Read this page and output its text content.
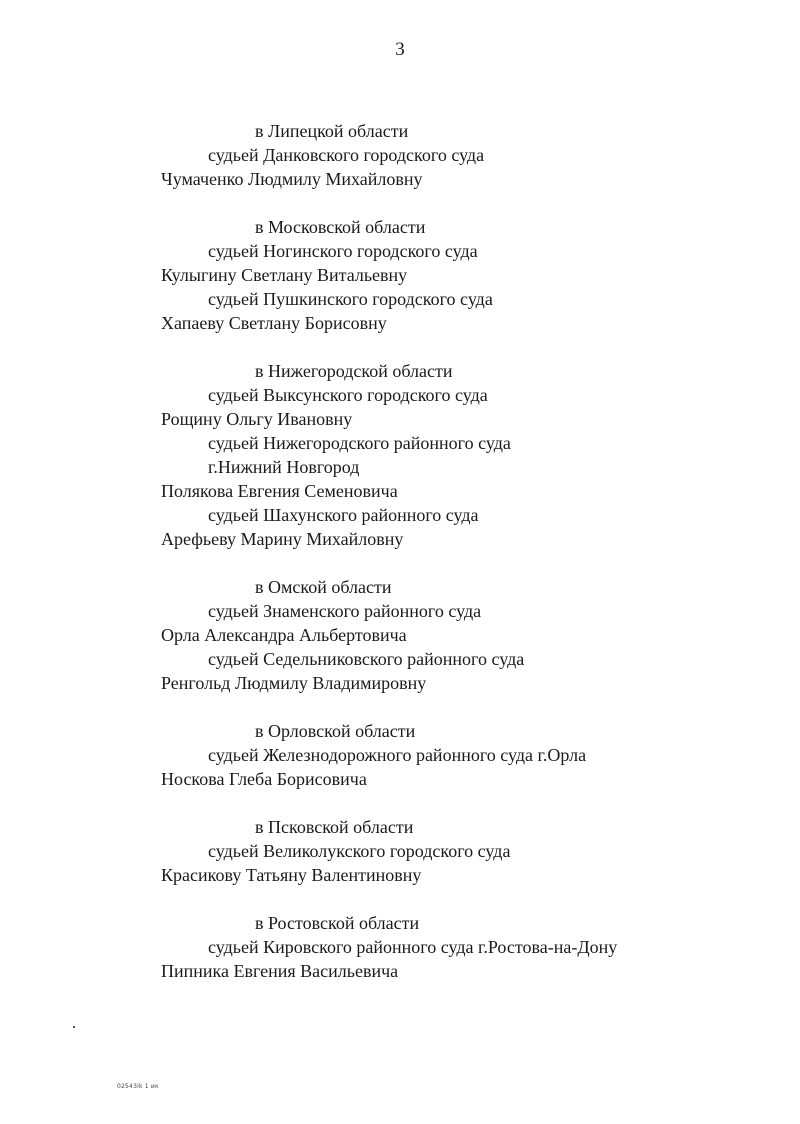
3
в Липецкой области
судьей Данковского городского суда
Чумаченко Людмилу Михайловну
в Московской области
судьей Ногинского городского суда
Кулыгину Светлану Витальевну
судьей Пушкинского городского суда
Хапаеву Светлану Борисовну
в Нижегородской области
судьей Выксунского городского суда
Рощину Ольгу Ивановну
судьей Нижегородского районного суда
г.Нижний Новгород
Полякова Евгения Семеновича
судьей Шахунского районного суда
Арефьеву Марину Михайловну
в Омской области
судьей Знаменского районного суда
Орла Александра Альбертовича
судьей Седельниковского районного суда
Ренгольд Людмилу Владимировну
в Орловской области
судьей Железнодорожного районного суда г.Орла
Носкова Глеба Борисовича
в Псковской области
судьей Великолукского городского суда
Красикову Татьяну Валентиновну
в Ростовской области
судьей Кировского районного суда г.Ростова-на-Дону
Пипника Евгения Васильевича
02543ik 1 ик
